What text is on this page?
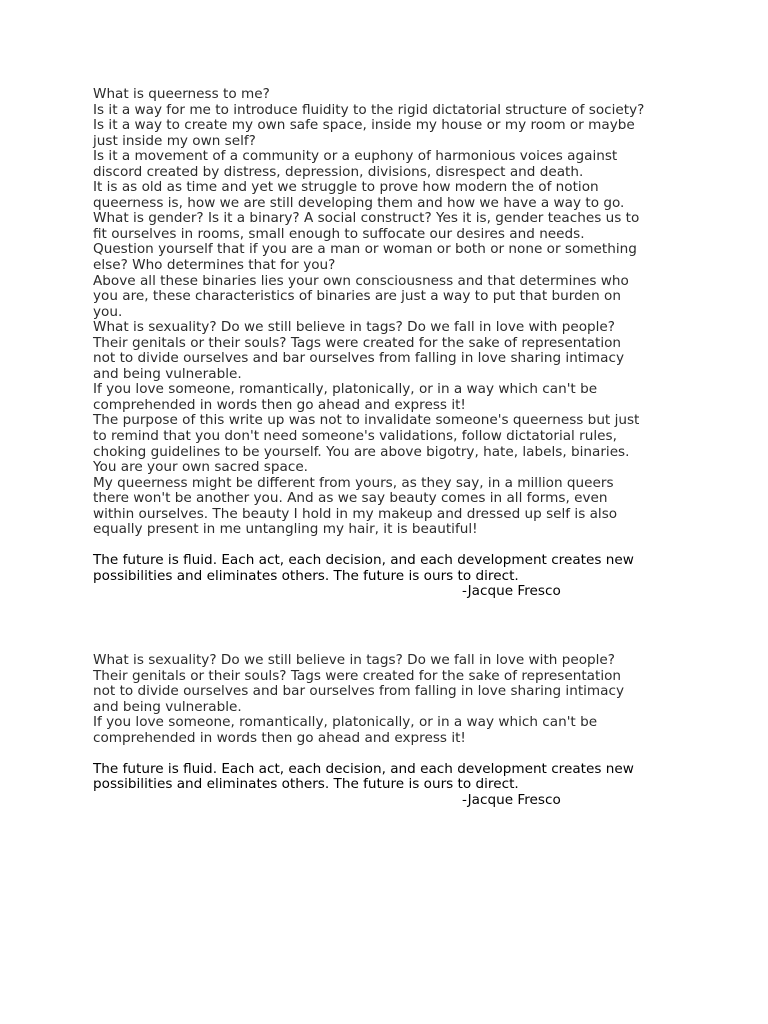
What is queerness to me?

Is it a way for me to introduce fluidity to the rigid dictatorial structure of society?

Is it a way to create my own safe space, inside my house or my room or maybe

just inside my own self?

Is it a movement of a community or a euphony of harmonious voices against

discord created by distress, depression, divisions, disrespect and death.

It is as old as time and yet we struggle to prove how modern the of notion

queerness is, how we are still developing them and how we have a way to go.

What is gender? Is it a binary? A social construct? Yes it is, gender teaches us to

fit ourselves in rooms, small enough to suffocate our desires and needs.

Question yourself that if you are a man or woman or both or none or something

else? Who determines that for you?

Above all these binaries lies your own consciousness and that determines who

you are, these characteristics of binaries are just a way to put that burden on

you.

What is sexuality? Do we still believe in tags? Do we fall in love with people?

Their genitals or their souls? Tags were created for the sake of representation

not to divide ourselves and bar ourselves from falling in love sharing intimacy

and being vulnerable.

If you love someone, romantically, platonically, or in a way which can't be

comprehended in words then go ahead and express it!

The purpose of this write up was not to invalidate someone's queerness but just

to remind that you don't need someone's validations, follow dictatorial rules,

choking guidelines to be yourself. You are above bigotry, hate, labels, binaries.

You are your own sacred space.

My queerness might be different from yours, as they say, in a million queers

there won't be another you. And as we say beauty comes in all forms, even

within ourselves. The beauty I hold in my makeup and dressed up self is also

equally present in me untangling my hair, it is beautiful!

The future is fluid. Each act, each decision, and each development creates new

possibilities and eliminates others. The future is ours to direct.

-Jacque Fresco

What is sexuality? Do we still believe in tags? Do we fall in love with people?

Their genitals or their souls? Tags were created for the sake of representation

not to divide ourselves and bar ourselves from falling in love sharing intimacy

and being vulnerable.

If you love someone, romantically, platonically, or in a way which can't be

comprehended in words then go ahead and express it!

The future is fluid. Each act, each decision, and each development creates new

possibilities and eliminates others. The future is ours to direct.

-Jacque Fresco
